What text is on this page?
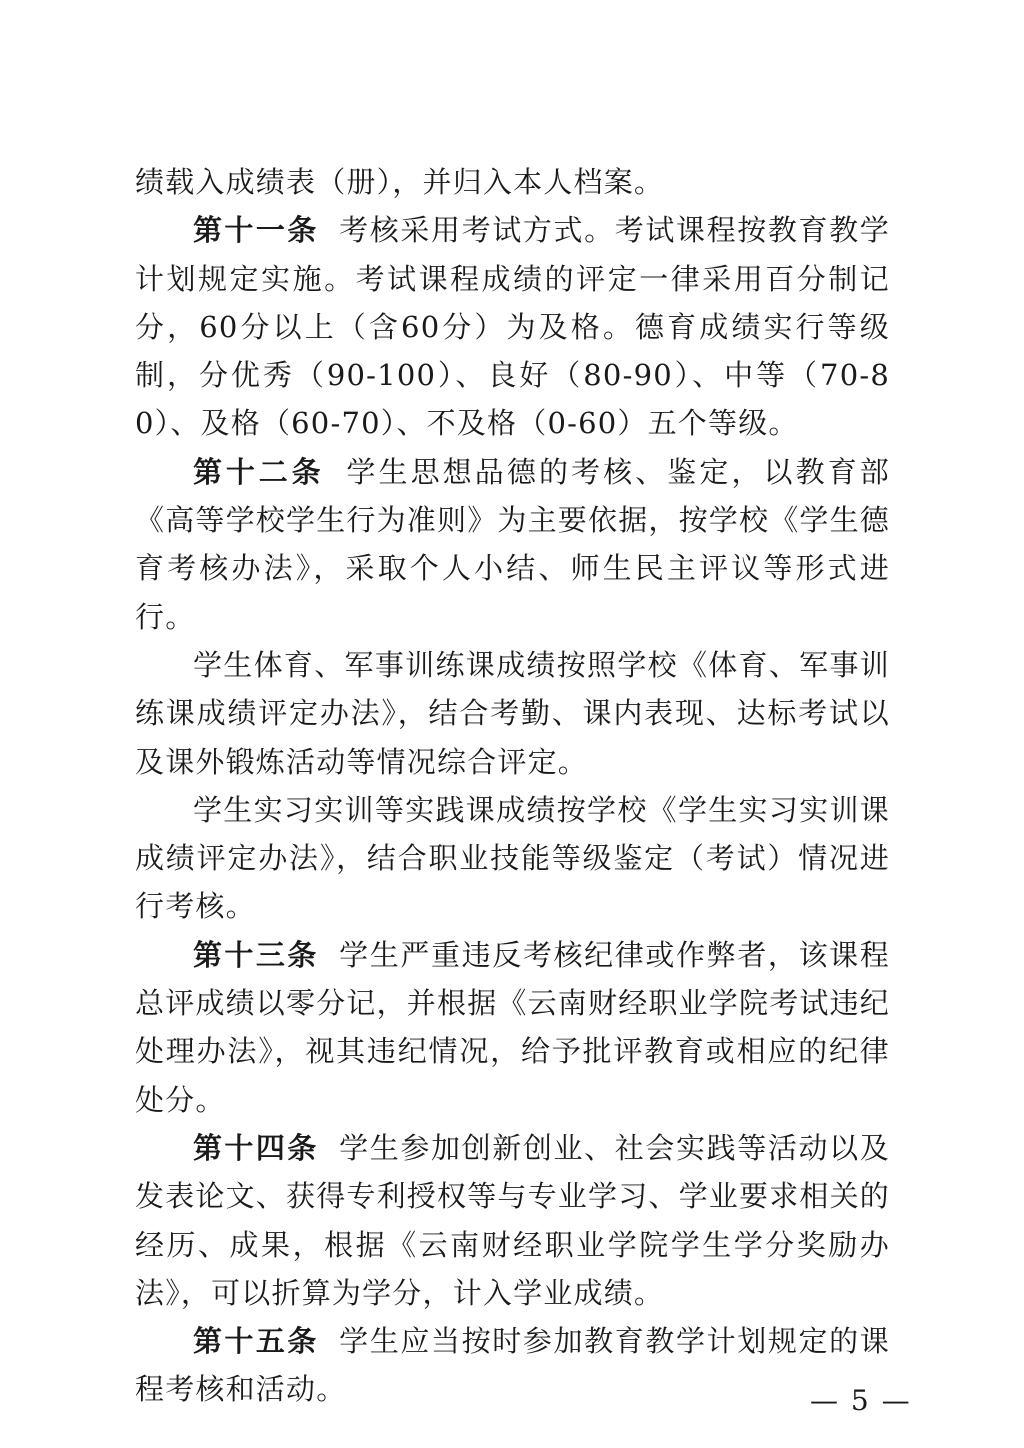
绩载入成绩表（册），并归入本人档案。

第十一条 考核采用考试方式。考试课程按教育教学计划规定实施。考试课程成绩的评定一律采用百分制记分，60分以上（含60分）为及格。德育成绩实行等级制，分优秀（90-100）、良好（80-90）、中等（70-80）、及格（60-70）、不及格（0-60）五个等级。

第十二条 学生思想品德的考核、鉴定，以教育部《高等学校学生行为准则》为主要依据，按学校《学生德育考核办法》，采取个人小结、师生民主评议等形式进行。

学生体育、军事训练课成绩按照学校《体育、军事训练课成绩评定办法》，结合考勤、课内表现、达标考试以及课外锻炼活动等情况综合评定。

学生实习实训等实践课成绩按学校《学生实习实训课成绩评定办法》，结合职业技能等级鉴定（考试）情况进行考核。

第十三条 学生严重违反考核纪律或作弊者，该课程总评成绩以零分记，并根据《云南财经职业学院考试违纪处理办法》，视其违纪情况，给予批评教育或相应的纪律处分。

第十四条 学生参加创新创业、社会实践等活动以及发表论文、获得专利授权等与专业学习、学业要求相关的经历、成果，根据《云南财经职业学院学生学分奖励办法》，可以折算为学分，计入学业成绩。

第十五条 学生应当按时参加教育教学计划规定的课程考核和活动。	— 5 —
